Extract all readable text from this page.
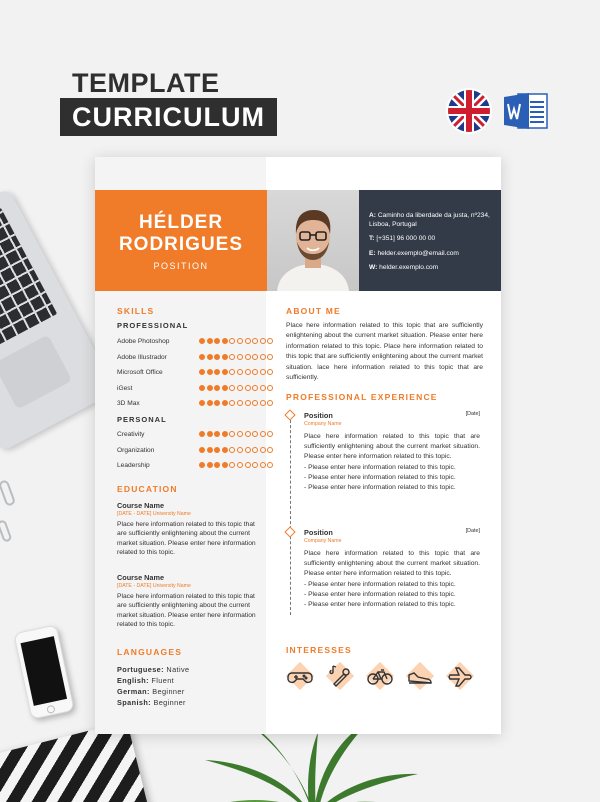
TEMPLATE
CURRICULUM
HÉLDER
RODRIGUES
POSITION
A: Caminho da liberdade da justa, nº234, Lisboa, Portugal
T: [+351] 96 000 00 00
E: helder.exemplo@email.com
W: helder.exemplo.com
SKILLS
PROFESSIONAL
Adobe Photoshop
Adobe Illustrador
Microsoft Office
iGest
3D Max
PERSONAL
Creativity
Organization
Leadership
EDUCATION
Course Name
[DATE - DATE] University Name
Place here information related to this topic that are sufficiently enlightening about the current market situation. Please enter here information related to this topic.
Course Name
[DATE - DATE] University Name
Place here information related to this topic that are sufficiently enlightening about the current market situation. Please enter here information related to this topic.
LANGUAGES
Portuguese: Native
English: Fluent
German: Beginner
Spanish: Beginner
ABOUT ME
Place here information related to this topic that are sufficiently enlightening about the current market situation. Please enter here information related to this topic. Place here information related to this topic that are sufficiently enlightening about the current market situation. lace here information related to this topic that are sufficiently.
PROFESSIONAL EXPERIENCE
Position	[Date]
Company Name
Place here information related to this topic that are sufficiently enlightening about the current market situation. Please enter here information related to this topic.
- Please enter here information related to this topic.
- Please enter here information related to this topic.
- Please enter here information related to this topic.
Position	[Date]
Company Name
Place here information related to this topic that are sufficiently enlightening about the current market situation. Please enter here information related to this topic.
- Please enter here information related to this topic.
- Please enter here information related to this topic.
- Please enter here information related to this topic.
INTERESSES
